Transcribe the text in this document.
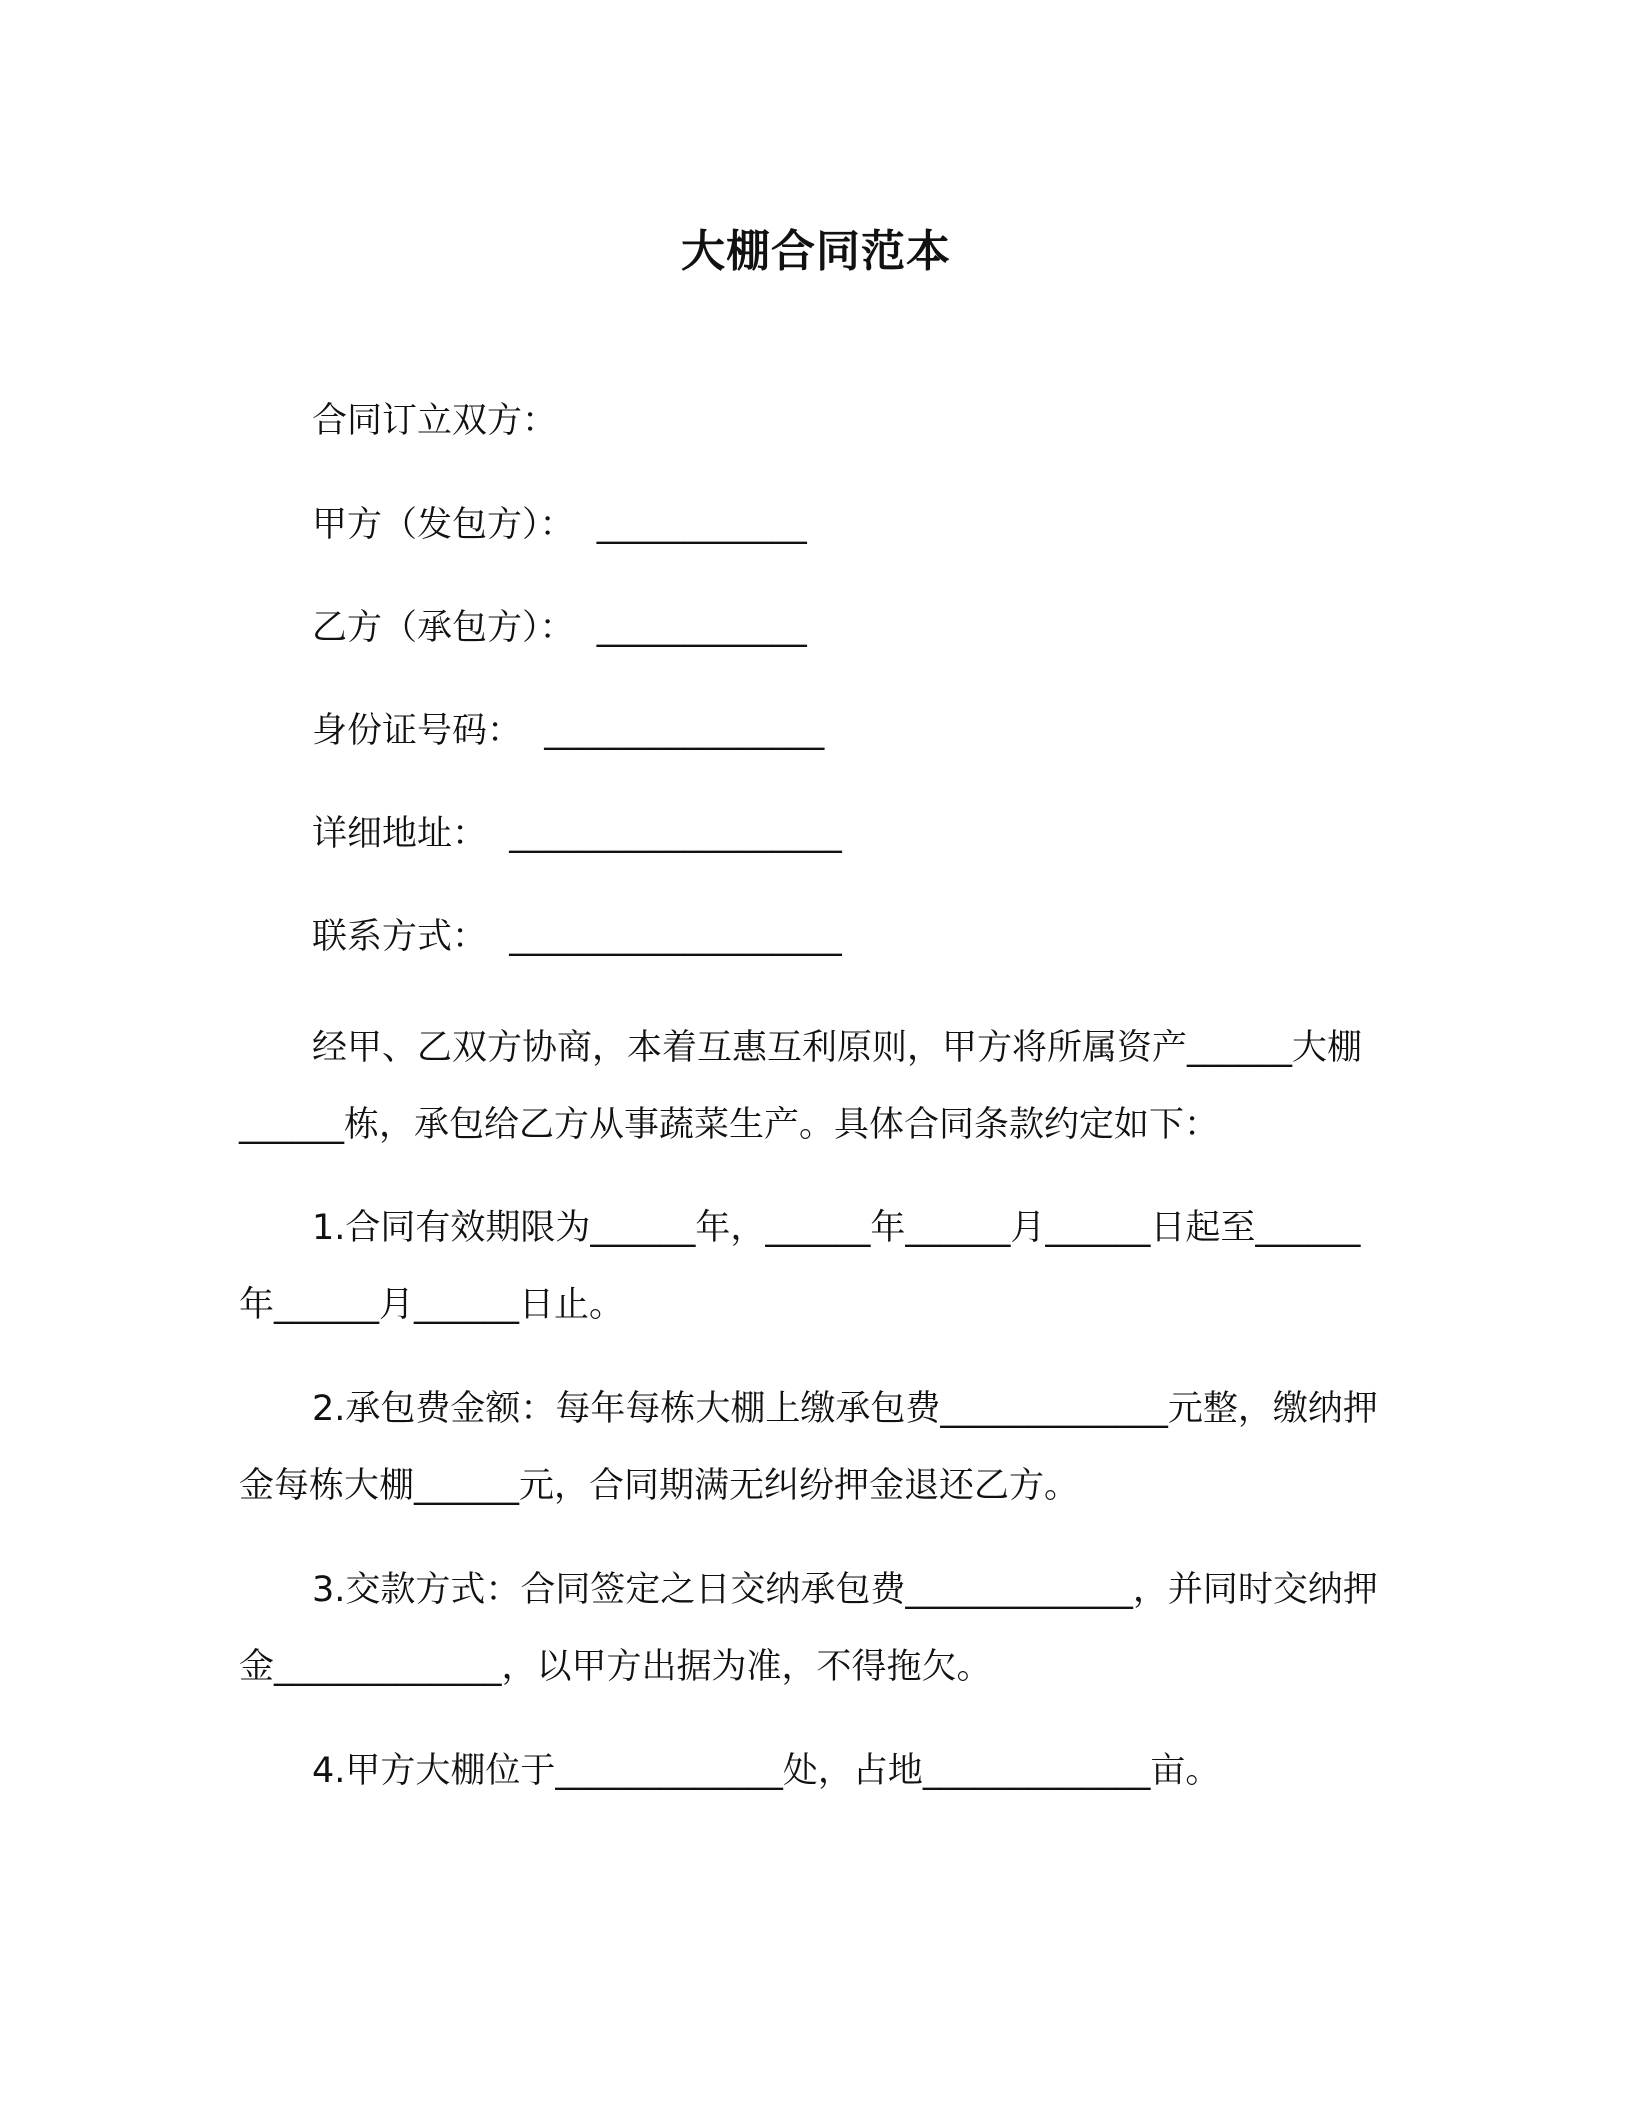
大棚合同范本
合同订立双方：
甲方（发包方）：  ____________
乙方（承包方）：  ____________
身份证号码：  ________________
详细地址：  ___________________
联系方式：  ___________________
经甲、乙双方协商，本着互惠互利原则，甲方将所属资产______大棚______栋，承包给乙方从事蔬菜生产。具体合同条款约定如下：
1.合同有效期限为______年，______年______月______日起至______年______月______日止。
2.承包费金额：每年每栋大棚上缴承包费_____________元整，缴纳押金每栋大棚______元，合同期满无纠纷押金退还乙方。
3.交款方式：合同签定之日交纳承包费_____________，并同时交纳押金_____________，以甲方出据为准，不得拖欠。
4.甲方大棚位于_____________处，占地_____________亩。
